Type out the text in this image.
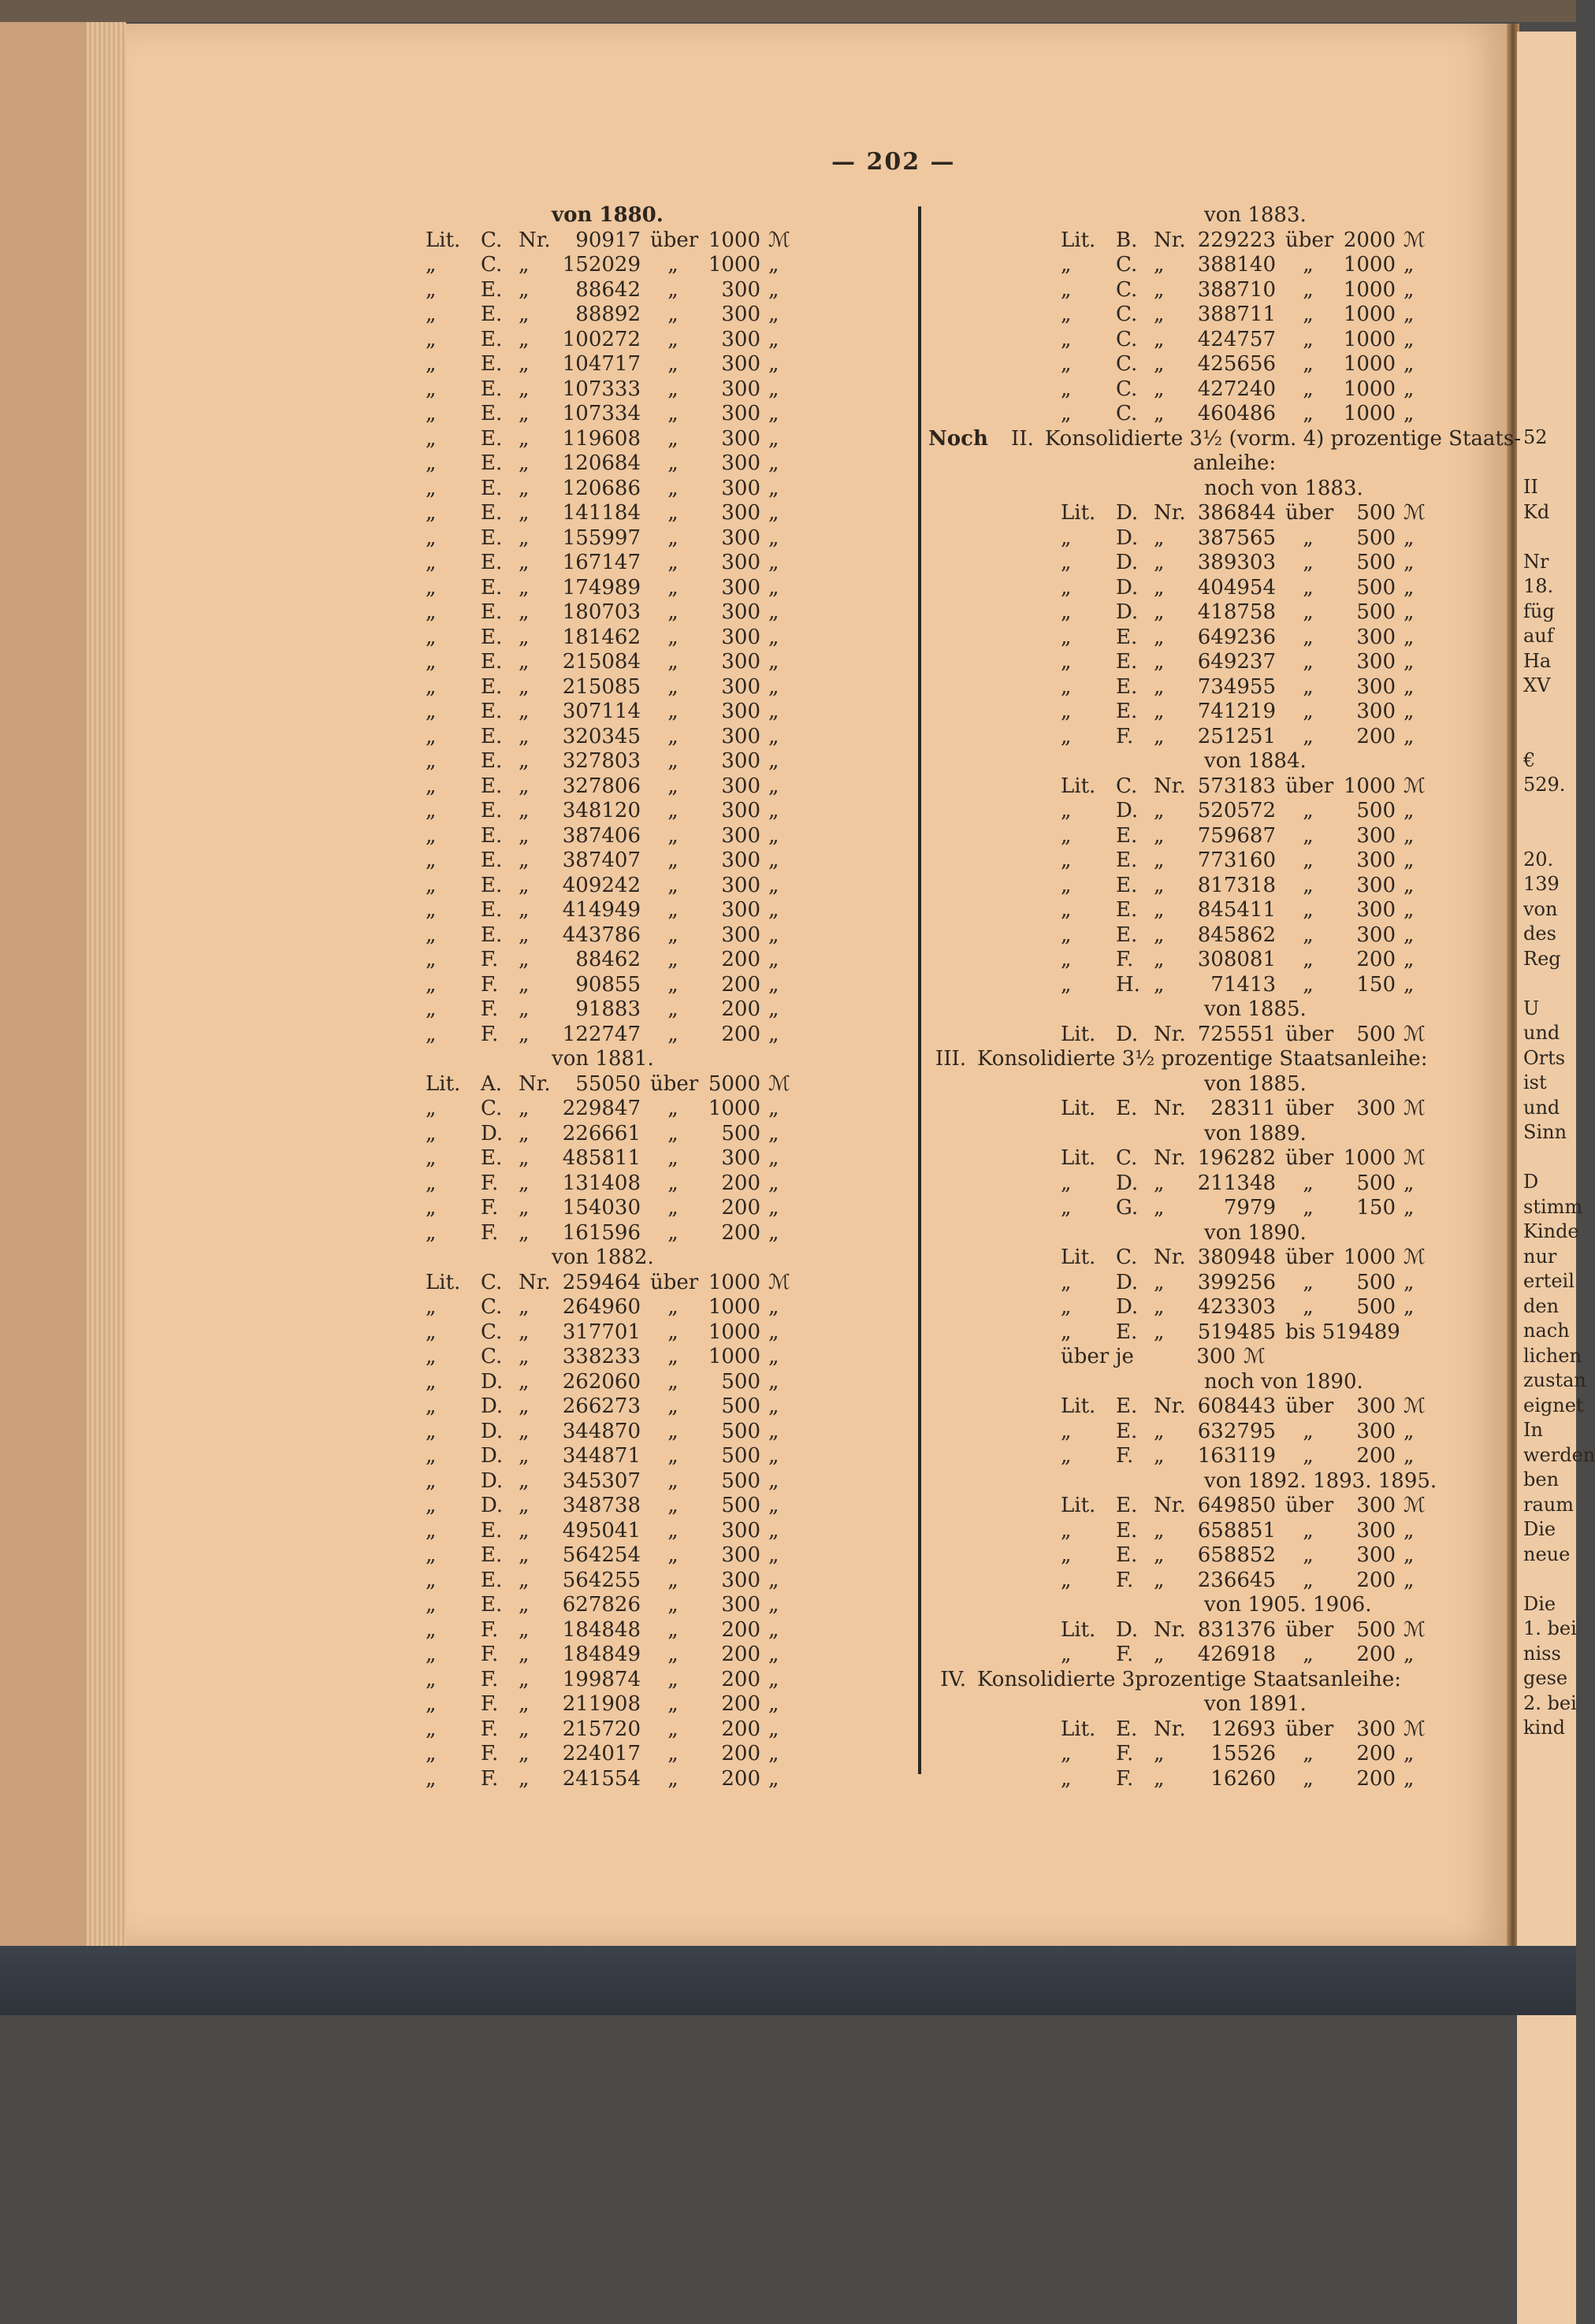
52

II
Kd

Nr
18.
füg
auf
Ha
XV

€
529.

20.
139
von
des
Reg

U
und
Orts
ist
und
Sinn

D
stimm
Kinde
nur
erteil
den
nach
lichen
zustan
eignet
In
werden
ben
raum
Die
neue

Die
1. bei
niss
gese
2. bei
kind
— 202 —
von 1880.
Lit. C. Nr.	90917 über 1000 ℳ
„	C. „	152029	„	1000 „
„	E. „	88642	„	300 „
„	E. „	88892	„	300 „
„	E. „	100272	„	300 „
„	E. „	104717	„	300 „
„	E. „	107333	„	300 „
„	E. „	107334	„	300 „
„	E. „	119608	„	300 „
„	E. „	120684	„	300 „
„	E. „	120686	„	300 „
„	E. „	141184	„	300 „
„	E. „	155997	„	300 „
„	E. „	167147	„	300 „
„	E. „	174989	„	300 „
„	E. „	180703	„	300 „
„	E. „	181462	„	300 „
„	E. „	215084	„	300 „
„	E. „	215085	„	300 „
„	E. „	307114	„	300 „
„	E. „	320345	„	300 „
„	E. „	327803	„	300 „
„	E. „	327806	„	300 „
„	E. „	348120	„	300 „
„	E. „	387406	„	300 „
„	E. „	387407	„	300 „
„	E. „	409242	„	300 „
„	E. „	414949	„	300 „
„	E. „	443786	„	300 „
„	F. „	88462	„	200 „
„	F. „	90855	„	200 „
„	F. „	91883	„	200 „
„	F. „	122747	„	200 „
von 1881.
Lit. A. Nr.	55050 über 5000 ℳ
„	C. „	229847	„	1000 „
„	D. „	226661	„	500 „
„	E. „	485811	„	300 „
„	F. „	131408	„	200 „
„	F. „	154030	„	200 „
„	F. „	161596	„	200 „
von 1882.
Lit. C. Nr. 259464 über 1000 ℳ
„	C. „	264960	„	1000 „
„	C. „	317701	„	1000 „
„	C. „	338233	„	1000 „
„	D. „	262060	„	500 „
„	D. „	266273	„	500 „
„	D. „	344870	„	500 „
„	D. „	344871	„	500 „
„	D. „	345307	„	500 „
„	D. „	348738	„	500 „
„	E. „	495041	„	300 „
„	E. „	564254	„	300 „
„	E. „	564255	„	300 „
„	E. „	627826	„	300 „
„	F. „	184848	„	200 „
„	F. „	184849	„	200 „
„	F. „	199874	„	200 „
„	F. „	211908	„	200 „
„	F. „	215720	„	200 „
„	F. „	224017	„	200 „
„	F. „	241554	„	200 „
von 1883.
Lit. B. Nr. 229223 über 2000 ℳ
„	C. „	388140	„	1000 „
„	C. „	388710	„	1000 „
„	C. „	388711	„	1000 „
„	C. „	424757	„	1000 „
„	C. „	425656	„	1000 „
„	C. „	427240	„	1000 „
„	C. „	460486	„	1000 „
Noch II. Konsolidierte 3½ (vorm. 4) prozentige Staats-
anleihe:
noch von 1883.
Lit. D. Nr. 386844 über	500 ℳ
„	D. „	387565	„	500 „
„	D. „	389303	„	500 „
„	D. „	404954	„	500 „
„	D. „	418758	„	500 „
„	E. „	649236	„	300 „
„	E. „	649237	„	300 „
„	E. „	734955	„	300 „
„	E. „	741219	„	300 „
„	F. „	251251	„	200 „
von 1884.
Lit. C. Nr. 573183 über 1000 ℳ
„	D. „	520572	„	500 „
„	E. „	759687	„	300 „
„	E. „	773160	„	300 „
„	E. „	817318	„	300 „
„	E. „	845411	„	300 „
„	E. „	845862	„	300 „
„	F. „	308081	„	200 „
„	H. „	71413	„	150 „
von 1885.
Lit. D. Nr. 725551 über	500 ℳ
III. Konsolidierte 3½ prozentige Staatsanleihe:
von 1885.
Lit. E. Nr.	28311 über	300 ℳ
von 1889.
Lit. C. Nr. 196282 über 1000 ℳ
„	D. „	211348	„	500 „
„	G. „	7979	„	150 „
von 1890.
Lit. C. Nr. 380948 über 1000 ℳ
„	D. „	399256	„	500 „
„	D. „	423303	„	500 „
„	E. „	519485 bis 519489
über je	300 ℳ
noch von 1890.
Lit. E. Nr. 608443 über	300 ℳ
„	E. „	632795	„	300 „
„	F. „	163119	„	200 „
von 1892. 1893. 1895.
Lit. E. Nr. 649850 über	300 ℳ
„	E. „	658851	„	300 „
„	E. „	658852	„	300 „
„	F. „	236645	„	200 „
von 1905. 1906.
Lit. D. Nr. 831376 über	500 ℳ
„	F. „	426918	„	200 „
IV. Konsolidierte 3prozentige Staatsanleihe:
von 1891.
Lit. E. Nr.	12693 über	300 ℳ
„	F. „	15526	„	200 „
„	F. „	16260	„	200 „
